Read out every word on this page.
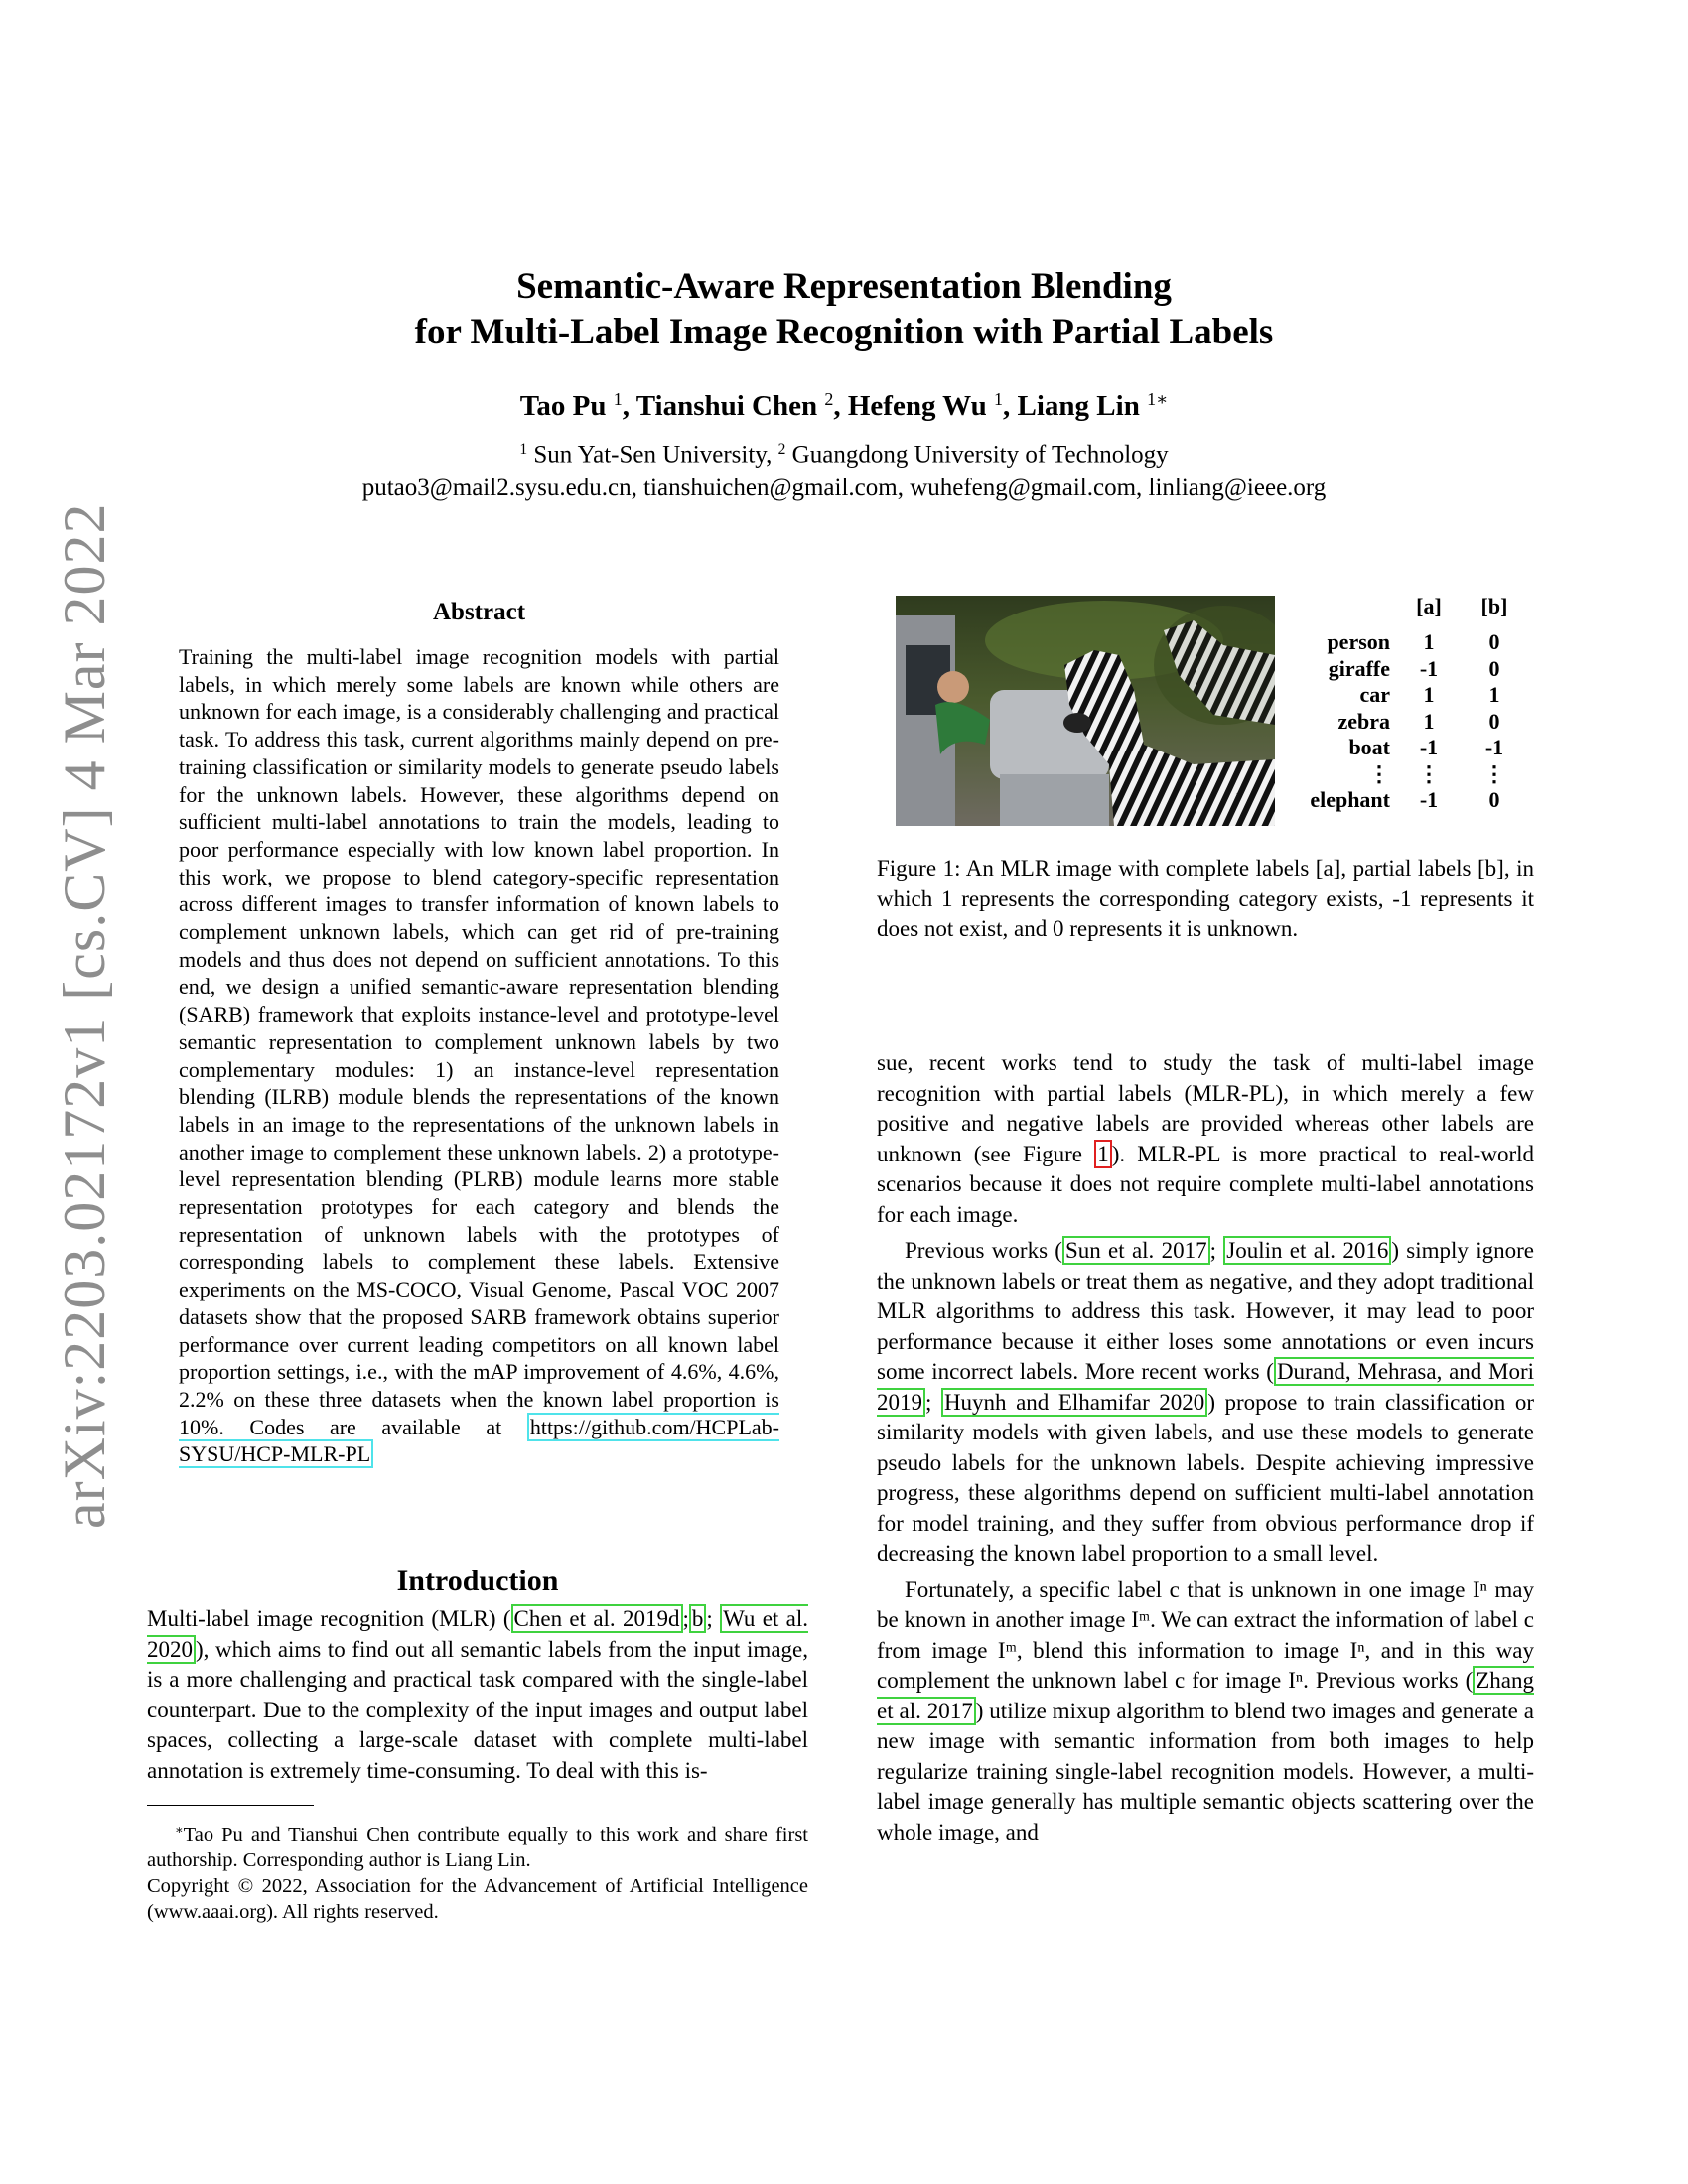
arXiv:2203.02172v1 [cs.CV] 4 Mar 2022
Semantic-Aware Representation Blending
for Multi-Label Image Recognition with Partial Labels
Tao Pu $^1$, Tianshui Chen $^2$, Hefeng Wu $^1$, Liang Lin $^{1∗}$
$^1$ Sun Yat-Sen University, $^2$ Guangdong University of Technology
putao3@mail2.sysu.edu.cn, tianshuichen@gmail.com, wuhefeng@gmail.com, linliang@ieee.org
Abstract
Training the multi-label image recognition models with partial labels, in which merely some labels are known while others are unknown for each image, is a considerably challenging and practical task. To address this task, current algorithms mainly depend on pre-training classification or similarity models to generate pseudo labels for the unknown labels. However, these algorithms depend on sufficient multi-label annotations to train the models, leading to poor performance especially with low known label proportion. In this work, we propose to blend category-specific representation across different images to transfer information of known labels to complement unknown labels, which can get rid of pre-training models and thus does not depend on sufficient annotations. To this end, we design a unified semantic-aware representation blending (SARB) framework that exploits instance-level and prototype-level semantic representation to complement unknown labels by two complementary modules: 1) an instance-level representation blending (ILRB) module blends the representations of the known labels in an image to the representations of the unknown labels in another image to complement these unknown labels. 2) a prototype-level representation blending (PLRB) module learns more stable representation prototypes for each category and blends the representation of unknown labels with the prototypes of corresponding labels to complement these labels. Extensive experiments on the MS-COCO, Visual Genome, Pascal VOC 2007 datasets show that the proposed SARB framework obtains superior performance over current leading competitors on all known label proportion settings, i.e., with the mAP improvement of 4.6%, 4.6%, 2.2% on these three datasets when the known label proportion is 10%. Codes are available at https://github.com/HCPLab-SYSU/HCP-MLR-PL
Introduction

Multi-label image recognition (MLR) ( Chen et al. 2019d ; b ; Wu et al. 2020 ), which aims to find out all semantic labels from the input image, is a more challenging and practical task compared with the single-label counterpart. Due to the complexity of the input images and output label spaces, collecting a large-scale dataset with complete multi-label annotation is extremely time-consuming. To deal with this is-

∗Tao Pu and Tianshui Chen contribute equally to this work and share first authorship. Corresponding author is Liang Lin.
Copyright © 2022, Association for the Advancement of Artificial Intelligence (www.aaai.org). All rights reserved.
	[a]	[b]
person	1	0
giraffe	-1	0
car	1	1
zebra	1	0
boat	-1	-1
⋮	⋮	⋮
elephant	-1	0
Figure 1: An MLR image with complete labels [a], partial labels [b], in which 1 represents the corresponding category exists, -1 represents it does not exist, and 0 represents it is unknown.

sue, recent works tend to study the task of multi-label image recognition with partial labels (MLR-PL), in which merely a few positive and negative labels are provided whereas other labels are unknown (see Figure 1 ). MLR-PL is more practical to real-world scenarios because it does not require complete multi-label annotations for each image.

Previous works ( Sun et al. 2017 ; Joulin et al. 2016 ) simply ignore the unknown labels or treat them as negative, and they adopt traditional MLR algorithms to address this task. However, it may lead to poor performance because it either loses some annotations or even incurs some incorrect labels. More recent works ( Durand, Mehrasa, and Mori 2019 ; Huynh and Elhamifar 2020 ) propose to train classification or similarity models with given labels, and use these models to generate pseudo labels for the unknown labels. Despite achieving impressive progress, these algorithms depend on sufficient multi-label annotation for model training, and they suffer from obvious performance drop if decreasing the known label proportion to a small level.

Fortunately, a specific label c that is unknown in one image Iⁿ may be known in another image Iᵐ. We can extract the information of label c from image Iᵐ, blend this information to image Iⁿ, and in this way complement the unknown label c for image Iⁿ. Previous works ( Zhang et al. 2017 ) utilize mixup algorithm to blend two images and generate a new image with semantic information from both images to help regularize training single-label recognition models. However, a multi-label image generally has multiple semantic objects scattering over the whole image, and
